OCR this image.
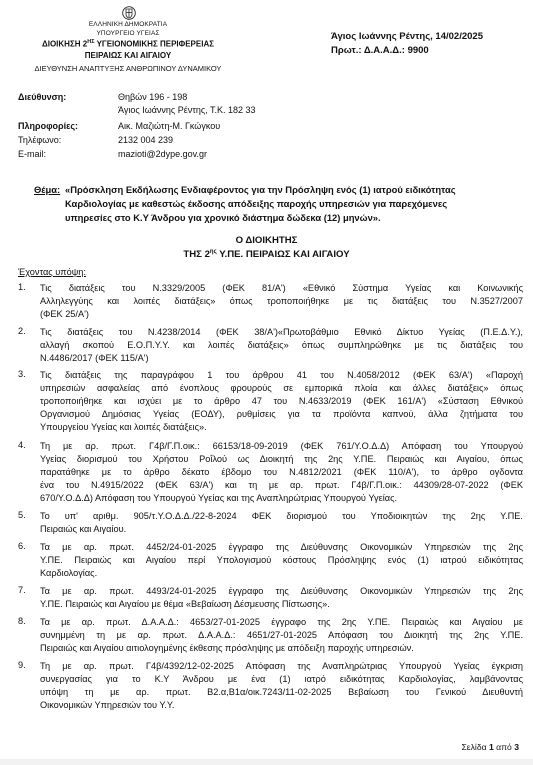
ΕΛΛΗΝΙΚΗ ΔΗΜΟΚΡΑΤΙΑ
ΥΠΟΥΡΓΕΙΟ ΥΓΕΙΑΣ
ΔΙΟΙΚΗΣΗ $2^{H\Sigma}$ ΥΓΕΙΟΝΟΜΙΚΗΣ ΠΕΡΙΦΕΡΕΙΑΣ
ΠΕΙΡΑΙΩΣ ΚΑΙ ΑΙΓΑΙΟΥ
ΔΙΕΥΘΥΝΣΗ ΑΝΑΠΤΥΞΗΣ ΑΝΘΡΩΠΙΝΟΥ ΔΥΝΑΜΙΚΟΥ
Άγιος Ιωάννης Ρέντης, 14/02/2025
Πρωτ.: Δ.Α.Α.Δ.: 9900
Διεύθυνση:	Θηβών 196 - 198
Άγιος Ιωάννης Ρέντης, Τ.Κ. 182 33
Πληροφορίες:	Αικ. Μαζιώτη-Μ. Γκώγκου
Τηλέφωνο:	2132 004 239
E-mail:	mazioti@2dype.gov.gr
Θέμα: «Πρόσκληση Εκδήλωσης Ενδιαφέροντος για την Πρόσληψη ενός (1) ιατρού ειδικότητας
Καρδιολογίας με καθεστώς έκδοσης απόδειξης παροχής υπηρεσιών για παρεχόμενες
υπηρεσίες στο Κ.Υ Άνδρου για χρονικό διάστημα δώδεκα (12) μηνών».
Ο ΔΙΟΙΚΗΤΗΣ
ΤΗΣ $2^{\eta\varsigma}$ Υ.ΠΕ. ΠΕΙΡΑΙΩΣ ΚΑΙ ΑΙΓΑΙΟΥ
Έχοντας υπόψη:
1. Τις διατάξεις του Ν.3329/2005 (ΦΕΚ 81/Α') «Εθνικό Σύστημα Υγείας και Κοινωνικής
Αλληλεγγύης και λοιπές διατάξεις» όπως τροποποιήθηκε με τις διατάξεις του Ν.3527/2007
(ΦΕΚ 25/Α')
2. Τις διατάξεις του Ν.4238/2014 (ΦΕΚ 38/Α')«Πρωτοβάθμιο Εθνικό Δίκτυο Υγείας (Π.Ε.Δ.Υ.),
αλλαγή σκοπού Ε.Ο.Π.Υ.Υ. και λοιπές διατάξεις» όπως συμπληρώθηκε με τις διατάξεις του
Ν.4486/2017 (ΦΕΚ 115/Α')
3. Τις διατάξεις της παραγράφου 1 του άρθρου 41 του Ν.4058/2012 (ΦΕΚ 63/Α') «Παροχή
υπηρεσιών ασφαλείας από ένοπλους φρουρούς σε εμπορικά πλοία και άλλες διατάξεις» όπως
τροποποιήθηκε και ισχύει με το άρθρο 47 του Ν.4633/2019 (ΦΕΚ 161/Α') «Σύσταση Εθνικού
Οργανισμού Δημόσιας Υγείας (ΕΟΔΥ), ρυθμίσεις για τα προϊόντα καπνού, άλλα ζητήματα του
Υπουργείου Υγείας και λοιπές διατάξεις».
4. Τη με αρ. πρωτ. Γ4β/Γ.Π.οικ.: 66153/18-09-2019 (ΦΕΚ 761/Υ.Ο.Δ.Δ) Απόφαση του Υπουργού
Υγείας διορισμού του Χρήστου Ροΐλού ως Διοικητή της 2ης Υ.ΠΕ. Πειραιώς και Αιγαίου, όπως
παρατάθηκε με το άρθρο δέκατο έβδομο του Ν.4812/2021 (ΦΕΚ 110/Α'), το άρθρο ογδοντα
ένα του Ν.4915/2022 (ΦΕΚ 63/Α') και τη με αρ. πρωτ. Γ4β/Γ.Π.οικ.: 44309/28-07-2022 (ΦΕΚ
670/Υ.Ο.Δ.Δ) Απόφαση του Υπουργού Υγείας και της Αναπληρώτριας Υπουργού Υγείας.
5. Το υπ' αριθμ. 905/τ.Υ.Ο.Δ.Δ./22-8-2024 ΦΕΚ διορισμού του Υποδιοικητών της 2ης Υ.ΠΕ.
Πειραιώς και Αιγαίου.
6. Τα με αρ. πρωτ. 4452/24-01-2025 έγγραφο της Διεύθυνσης Οικονομικών Υπηρεσιών της 2ης
Υ.ΠΕ. Πειραιώς και Αιγαίου περί Υπολογισμού κόστους Πρόσληψης ενός (1) ιατρού ειδικότητας
Καρδιολογίας.
7. Τα με αρ. πρωτ. 4493/24-01-2025 έγγραφο της Διεύθυνσης Οικονομικών Υπηρεσιών της 2ης
Υ.ΠΕ. Πειραιώς και Αιγαίου με θέμα «Βεβαίωση Δέσμευσης Πίστωσης».
8. Τα με αρ. πρωτ. Δ.Α.Α.Δ.: 4653/27-01-2025 έγγραφο της 2ης Υ.ΠΕ. Πειραιώς και Αιγαίου με
συνημμένη τη με αρ. πρωτ. Δ.Α.Α.Δ.: 4651/27-01-2025 Απόφαση του Διοικητή της 2ης Υ.ΠΕ.
Πειραιώς και Αιγαίου αιτιολογημένης έκθεσης πρόσληψης με απόδειξη παροχής υπηρεσιών.
9. Τη με αρ. πρωτ. Γ4β/4392/12-02-2025 Απόφαση της Αναπληρώτριας Υπουργού Υγείας έγκριση
συνεργασίας για το Κ.Υ Άνδρου με ένα (1) ιατρό ειδικότητας Καρδιολογίας, λαμβάνοντας
υπόψη τη με αρ. πρωτ. Β2.α,Β1α/οικ.7243/11-02-2025 Βεβαίωση του Γενικού Διευθυντή
Οικονομικών Υπηρεσιών του Υ.Υ.
Σελίδα 1 από 3
